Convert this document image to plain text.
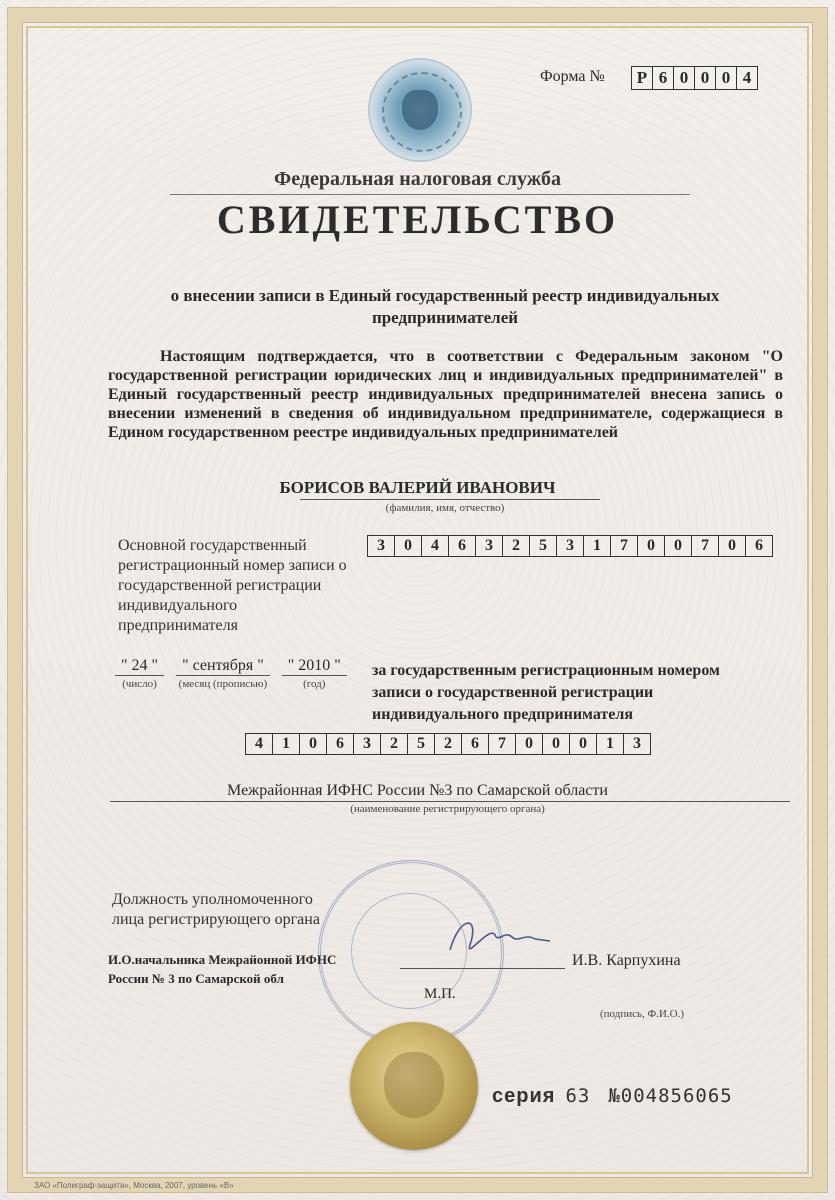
Форма №	Р 6 0 0 0 4
Федеральная налоговая служба
СВИДЕТЕЛЬСТВО
о внесении записи в Единый государственный реестр индивидуальных предпринимателей
Настоящим подтверждается, что в соответствии с Федеральным законом "О государственной регистрации юридических лиц и индивидуальных предпринимателей" в Единый государственный реестр индивидуальных предпринимателей внесена запись о внесении изменений в сведения об индивидуальном предпринимателе, содержащиеся в Едином государственном реестре индивидуальных предпринимателей
БОРИСОВ ВАЛЕРИЙ ИВАНОВИЧ
(фамилия, имя, отчество)
Основной государственный регистрационный номер записи о государственной регистрации индивидуального предпринимателя
3	0	4	6	3	2	5	3	1	7	0	0	7	0	6
" 24 "
(число)
" сентября "
(месяц (прописью)
" 2010 "
(год)
за государственным регистрационным номером записи о государственной регистрации индивидуального предпринимателя
4	1	0	6	3	2	5	2	6	7	0	0	0	1	3
Межрайонная ИФНС России №3 по Самарской области
(наименование регистрирующего органа)
Должность уполномоченного лица регистрирующего органа
И.О.начальника Межрайонной ИФНС России № 3 по Самарской обл
И.В. Карпухина
М.П.
(подпись, Ф.И.О.)
серия 63 №004856065
ЗАО «Полиграф-защита», Москва, 2007, уровень «В»
